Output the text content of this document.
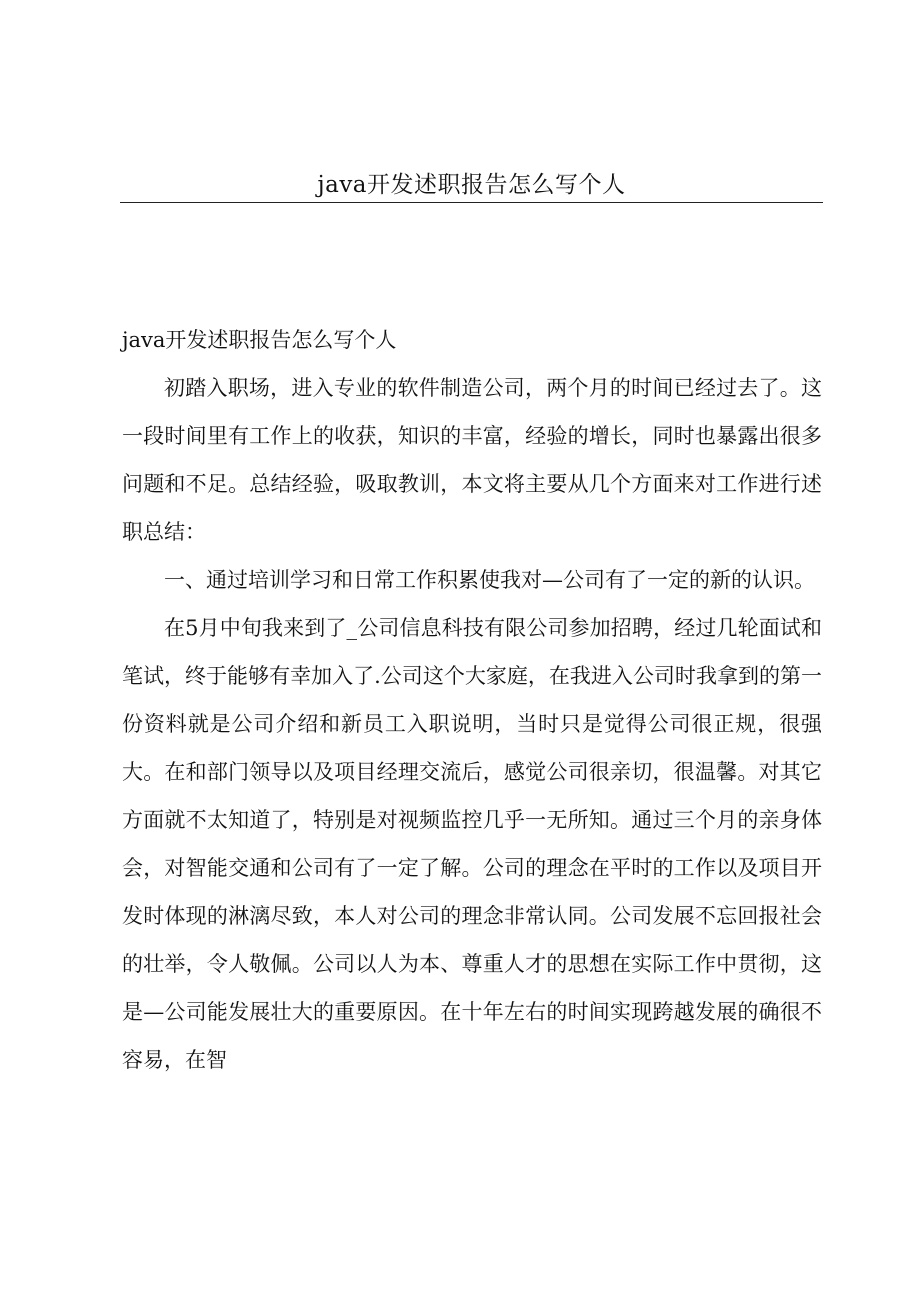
java开发述职报告怎么写个人

java开发述职报告怎么写个人

初踏入职场，进入专业的软件制造公司，两个月的时间已经过去了。这一段时间里有工作上的收获，知识的丰富，经验的增长，同时也暴露出很多问题和不足。总结经验，吸取教训，本文将主要从几个方面来对工作进行述职总结：

一、通过培训学习和日常工作积累使我对—公司有了一定的新的认识。

在5月中旬我来到了_公司信息科技有限公司参加招聘，经过几轮面试和笔试，终于能够有幸加入了.公司这个大家庭，在我进入公司时我拿到的第一份资料就是公司介绍和新员工入职说明，当时只是觉得公司很正规，很强大。在和部门领导以及项目经理交流后，感觉公司很亲切，很温馨。对其它方面就不太知道了，特别是对视频监控几乎一无所知。通过三个月的亲身体会，对智能交通和公司有了一定了解。公司的理念在平时的工作以及项目开发时体现的淋漓尽致，本人对公司的理念非常认同。公司发展不忘回报社会的壮举，令人敬佩。公司以人为本、尊重人才的思想在实际工作中贯彻，这是—公司能发展壮大的重要原因。在十年左右的时间实现跨越发展的确很不容易，在智
